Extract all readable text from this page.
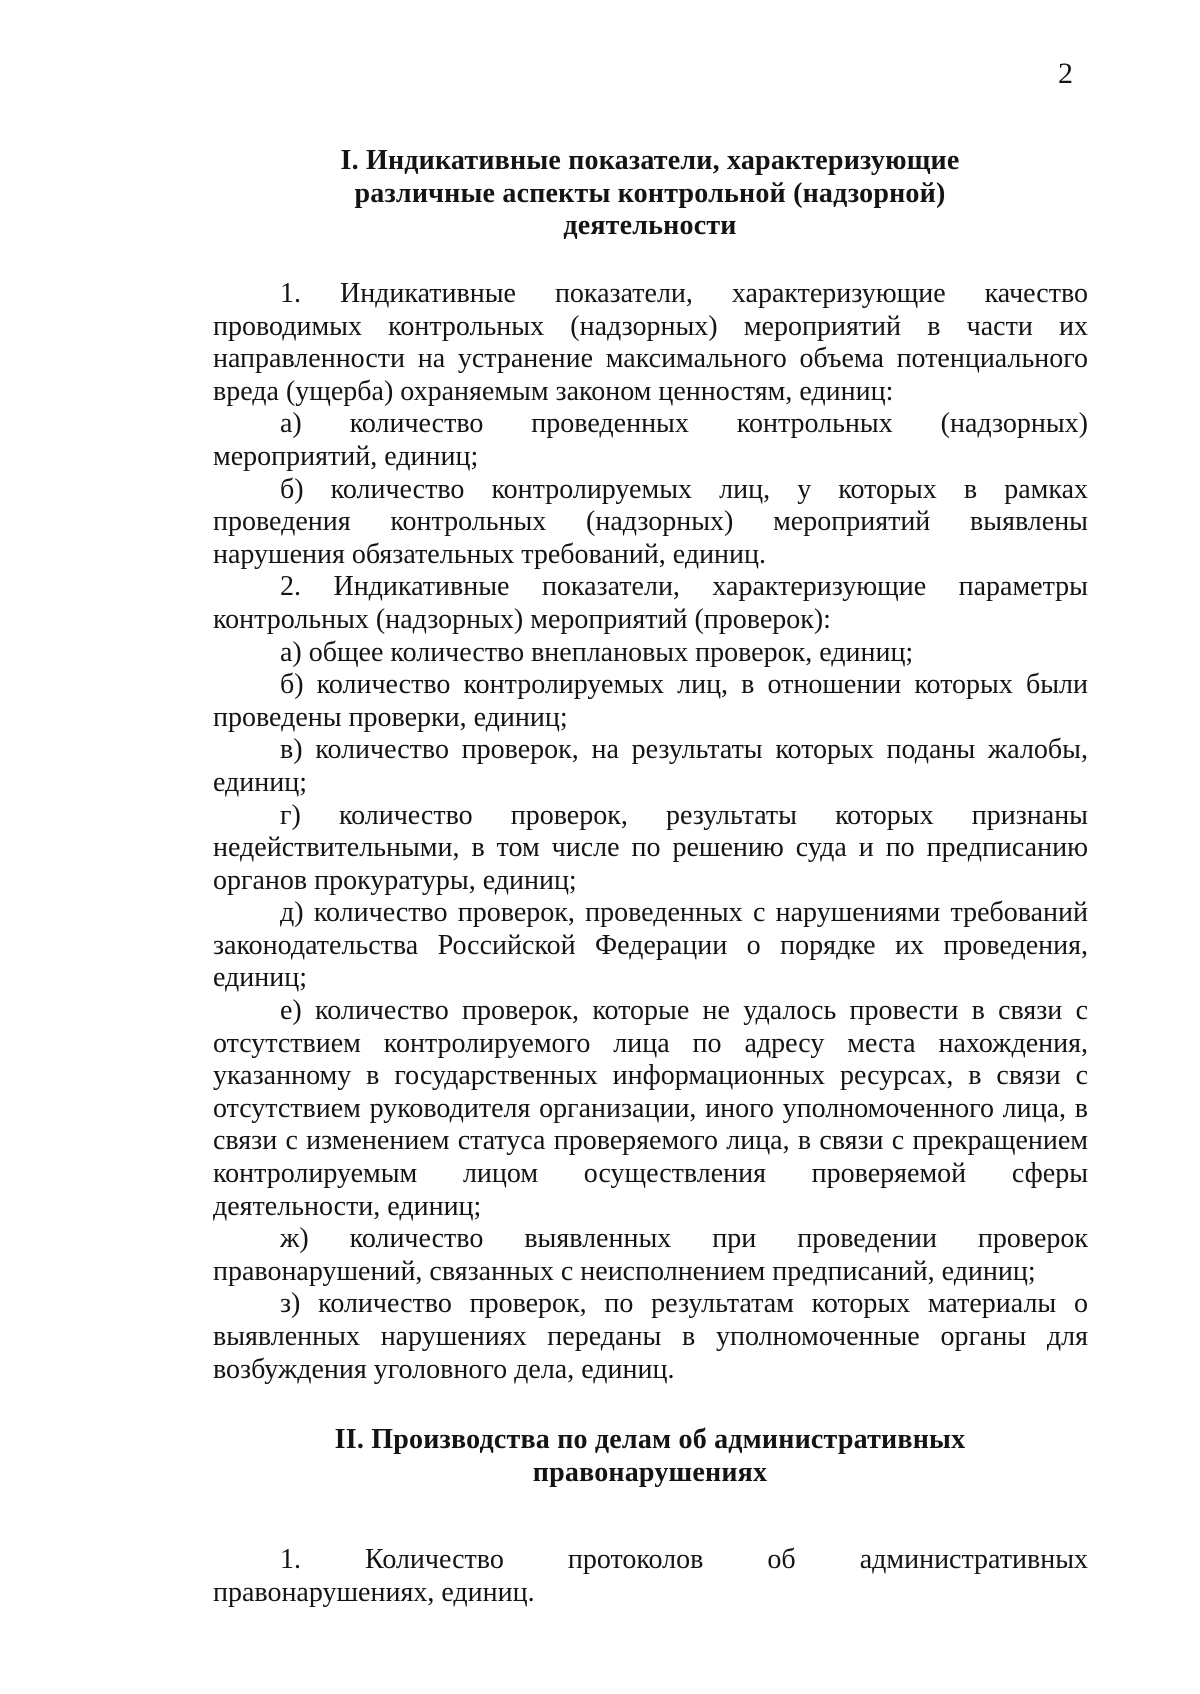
2
I. Индикативные показатели, характеризующие
различные аспекты контрольной (надзорной)
деятельности

1. Индикативные показатели, характеризующие качество проводимых контрольных (надзорных) мероприятий в части их направленности на устранение максимального объема потенциального вреда (ущерба) охраняемым законом ценностям, единиц:

а) количество проведенных контрольных (надзорных) мероприятий, единиц;

б) количество контролируемых лиц, у которых в рамках проведения контрольных (надзорных) мероприятий выявлены нарушения обязательных требований, единиц.

2. Индикативные показатели, характеризующие параметры контрольных (надзорных) мероприятий (проверок):

а) общее количество внеплановых проверок, единиц;

б) количество контролируемых лиц, в отношении которых были проведены проверки, единиц;

в) количество проверок, на результаты которых поданы жалобы, единиц;

г) количество проверок, результаты которых признаны недействительными, в том числе по решению суда и по предписанию органов прокуратуры, единиц;

д) количество проверок, проведенных с нарушениями требований законодательства Российской Федерации о порядке их проведения, единиц;

е) количество проверок, которые не удалось провести в связи с отсутствием контролируемого лица по адресу места нахождения, указанному в государственных информационных ресурсах, в связи с отсутствием руководителя организации, иного уполномоченного лица, в связи с изменением статуса проверяемого лица, в связи с прекращением контролируемым лицом осуществления проверяемой сферы деятельности, единиц;

ж) количество выявленных при проведении проверок правонарушений, связанных с неисполнением предписаний, единиц;

з) количество проверок, по результатам которых материалы о выявленных нарушениях переданы в уполномоченные органы для возбуждения уголовного дела, единиц.

II. Производства по делам об административных
правонарушениях

1. Количество протоколов об административных правонарушениях, единиц.
